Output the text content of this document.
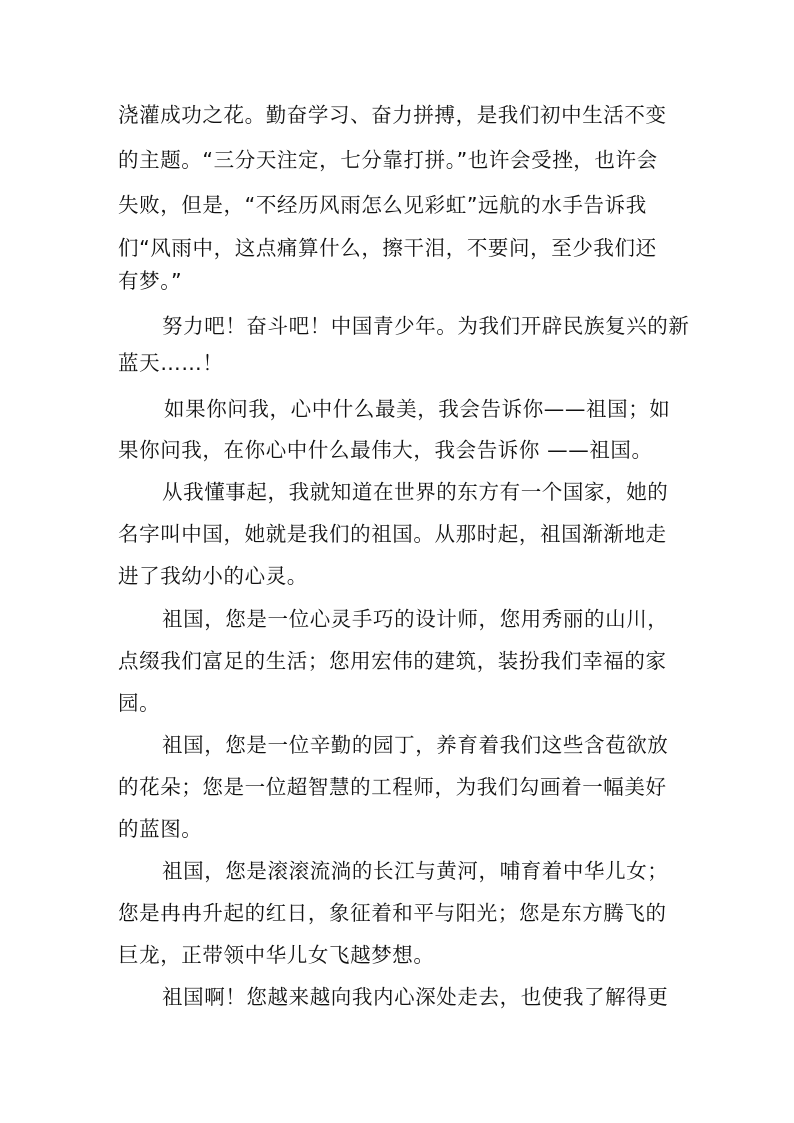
浇灌成功之花。勤奋学习、奋力拼搏，是我们初中生活不变
的主题。“三分天注定，七分靠打拼。”也许会受挫，也许会
失败，但是，“不经历风雨怎么见彩虹”远航的水手告诉我
们“风雨中，这点痛算什么，擦干泪，不要问，至少我们还
有梦。”
努力吧！奋斗吧！中国青少年。为我们开辟民族复兴的新
蓝天……！
如果你问我，心中什么最美，我会告诉你——祖国；如
果你问我，在你心中什么最伟大，我会告诉你 ——祖国。
从我懂事起，我就知道在世界的东方有一个国家，她的
名字叫中国，她就是我们的祖国。从那时起，祖国渐渐地走
进了我幼小的心灵。
祖国，您是一位心灵手巧的设计师，您用秀丽的山川，
点缀我们富足的生活；您用宏伟的建筑，装扮我们幸福的家
园。
祖国，您是一位辛勤的园丁，养育着我们这些含苞欲放
的花朵；您是一位超智慧的工程师，为我们勾画着一幅美好
的蓝图。
祖国，您是滚滚流淌的长江与黄河，哺育着中华儿女；
您是冉冉升起的红日，象征着和平与阳光；您是东方腾飞的
巨龙，正带领中华儿女飞越梦想。
祖国啊！您越来越向我内心深处走去，也使我了解得更
